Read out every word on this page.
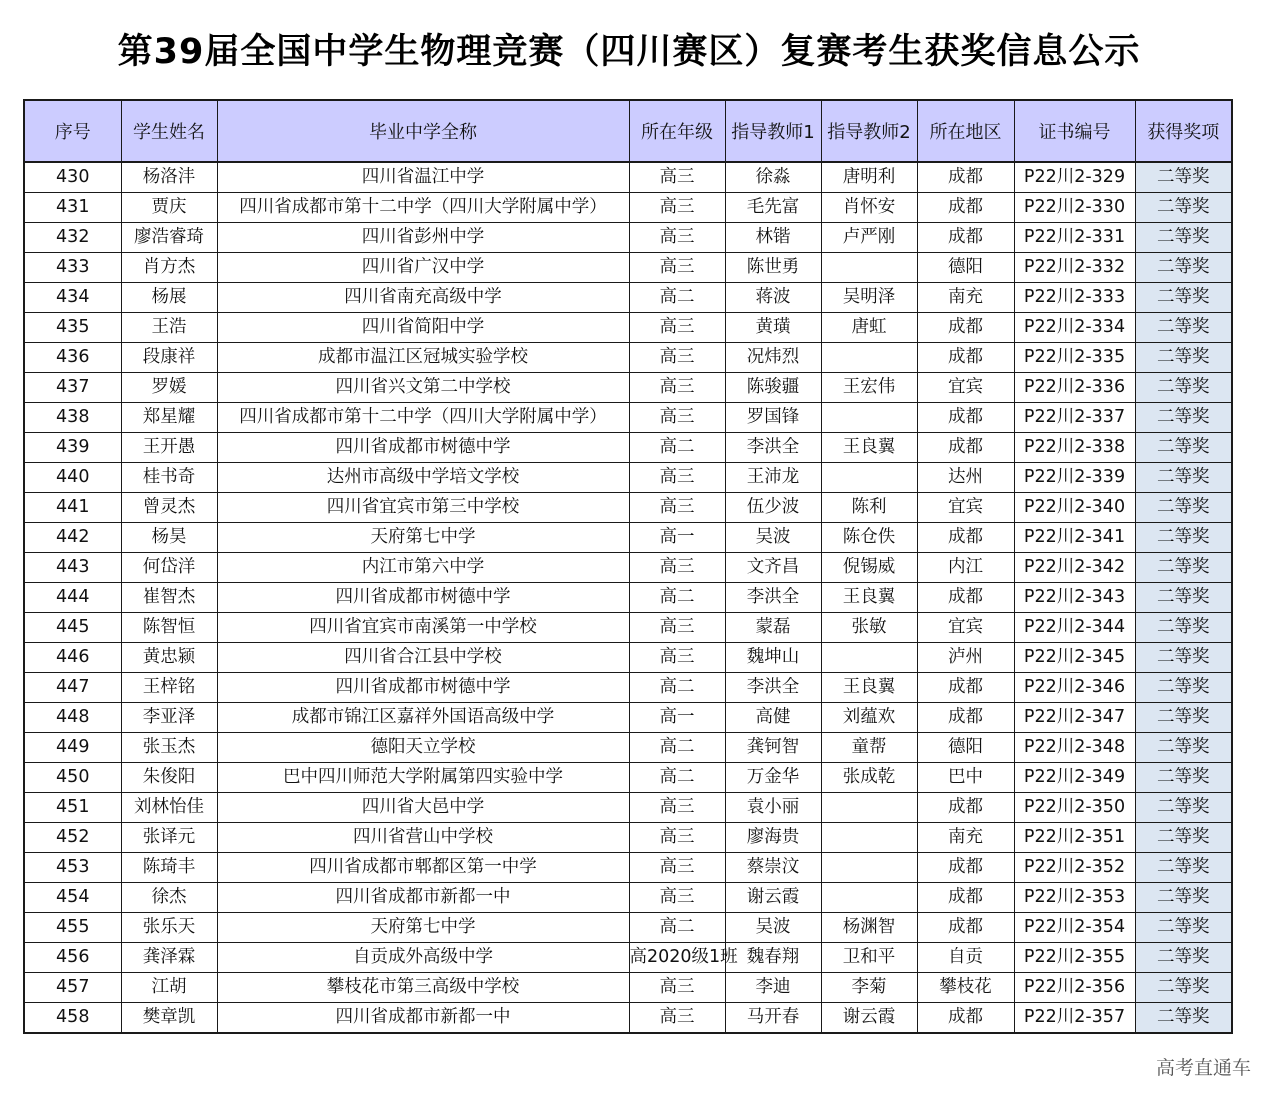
第39届全国中学生物理竞赛（四川赛区）复赛考生获奖信息公示
序号	学生姓名	毕业中学全称	所在年级	指导教师1	指导教师2	所在地区	证书编号	获得奖项
430	杨洛沣	四川省温江中学	高三	徐淼	唐明利	成都	P22川2-329	二等奖
431	贾庆	四川省成都市第十二中学（四川大学附属中学）	高三	毛先富	肖怀安	成都	P22川2-330	二等奖
432	廖浩睿琦	四川省彭州中学	高三	林锴	卢严刚	成都	P22川2-331	二等奖
433	肖方杰	四川省广汉中学	高三	陈世勇		德阳	P22川2-332	二等奖
434	杨展	四川省南充高级中学	高二	蒋波	吴明泽	南充	P22川2-333	二等奖
435	王浩	四川省简阳中学	高三	黄璜	唐虹	成都	P22川2-334	二等奖
436	段康祥	成都市温江区冠城实验学校	高三	况炜烈		成都	P22川2-335	二等奖
437	罗媛	四川省兴文第二中学校	高三	陈骏疆	王宏伟	宜宾	P22川2-336	二等奖
438	郑星耀	四川省成都市第十二中学（四川大学附属中学）	高三	罗国锋		成都	P22川2-337	二等奖
439	王开愚	四川省成都市树德中学	高二	李洪全	王良翼	成都	P22川2-338	二等奖
440	桂书奇	达州市高级中学培文学校	高三	王沛龙		达州	P22川2-339	二等奖
441	曾灵杰	四川省宜宾市第三中学校	高三	伍少波	陈利	宜宾	P22川2-340	二等奖
442	杨昊	天府第七中学	高一	吴波	陈仓佚	成都	P22川2-341	二等奖
443	何岱洋	内江市第六中学	高三	文齐昌	倪锡威	内江	P22川2-342	二等奖
444	崔智杰	四川省成都市树德中学	高二	李洪全	王良翼	成都	P22川2-343	二等奖
445	陈智恒	四川省宜宾市南溪第一中学校	高三	蒙磊	张敏	宜宾	P22川2-344	二等奖
446	黄忠颍	四川省合江县中学校	高三	魏坤山		泸州	P22川2-345	二等奖
447	王梓铭	四川省成都市树德中学	高二	李洪全	王良翼	成都	P22川2-346	二等奖
448	李亚泽	成都市锦江区嘉祥外国语高级中学	高一	高健	刘蕴欢	成都	P22川2-347	二等奖
449	张玉杰	德阳天立学校	高二	龚钶智	童帮	德阳	P22川2-348	二等奖
450	朱俊阳	巴中四川师范大学附属第四实验中学	高二	万金华	张成乾	巴中	P22川2-349	二等奖
451	刘林怡佳	四川省大邑中学	高三	袁小丽		成都	P22川2-350	二等奖
452	张译元	四川省营山中学校	高三	廖海贵		南充	P22川2-351	二等奖
453	陈琦丰	四川省成都市郫都区第一中学	高三	蔡崇汶		成都	P22川2-352	二等奖
454	徐杰	四川省成都市新都一中	高三	谢云霞		成都	P22川2-353	二等奖
455	张乐天	天府第七中学	高二	吴波	杨渊智	成都	P22川2-354	二等奖
456	龚泽霖	自贡成外高级中学	高2020级1班	魏春翔	卫和平	自贡	P22川2-355	二等奖
457	江胡	攀枝花市第三高级中学校	高三	李迪	李菊	攀枝花	P22川2-356	二等奖
458	樊章凯	四川省成都市新都一中	高三	马开春	谢云霞	成都	P22川2-357	二等奖
高考直通车
